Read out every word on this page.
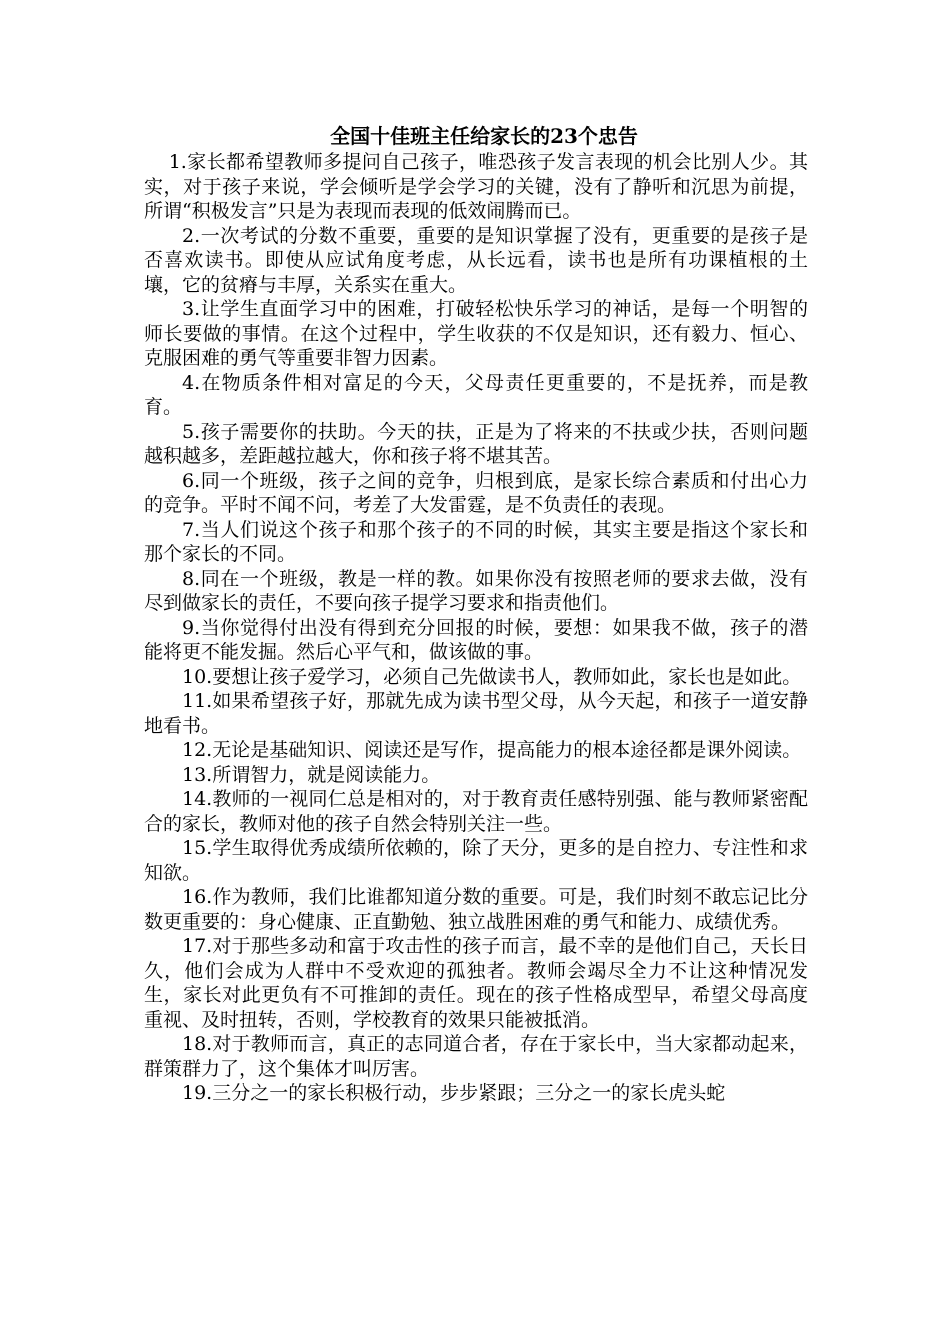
全国十佳班主任给家长的23个忠告

1.家长都希望教师多提问自己孩子，唯恐孩子发言表现的机会比别人少。其实，对于孩子来说，学会倾听是学会学习的关键，没有了静听和沉思为前提，所谓“积极发言”只是为表现而表现的低效闹腾而已。

2.一次考试的分数不重要，重要的是知识掌握了没有，更重要的是孩子是否喜欢读书。即使从应试角度考虑，从长远看，读书也是所有功课植根的土壤，它的贫瘠与丰厚，关系实在重大。

3.让学生直面学习中的困难，打破轻松快乐学习的神话，是每一个明智的师长要做的事情。在这个过程中，学生收获的不仅是知识，还有毅力、恒心、克服困难的勇气等重要非智力因素。

4.在物质条件相对富足的今天，父母责任更重要的，不是抚养，而是教育。

5.孩子需要你的扶助。今天的扶，正是为了将来的不扶或少扶，否则问题越积越多，差距越拉越大，你和孩子将不堪其苦。

6.同一个班级，孩子之间的竞争，归根到底，是家长综合素质和付出心力的竞争。平时不闻不问，考差了大发雷霆，是不负责任的表现。

7.当人们说这个孩子和那个孩子的不同的时候，其实主要是指这个家长和那个家长的不同。

8.同在一个班级，教是一样的教。如果你没有按照老师的要求去做，没有尽到做家长的责任，不要向孩子提学习要求和指责他们。

9.当你觉得付出没有得到充分回报的时候，要想：如果我不做，孩子的潜能将更不能发掘。然后心平气和，做该做的事。

10.要想让孩子爱学习，必须自己先做读书人，教师如此，家长也是如此。

11.如果希望孩子好，那就先成为读书型父母，从今天起，和孩子一道安静地看书。

12.无论是基础知识、阅读还是写作，提高能力的根本途径都是课外阅读。

13.所谓智力，就是阅读能力。

14.教师的一视同仁总是相对的，对于教育责任感特别强、能与教师紧密配合的家长，教师对他的孩子自然会特别关注一些。

15.学生取得优秀成绩所依赖的，除了天分，更多的是自控力、专注性和求知欲。

16.作为教师，我们比谁都知道分数的重要。可是，我们时刻不敢忘记比分数更重要的：身心健康、正直勤勉、独立战胜困难的勇气和能力、成绩优秀。

17.对于那些多动和富于攻击性的孩子而言，最不幸的是他们自己，天长日久，他们会成为人群中不受欢迎的孤独者。教师会竭尽全力不让这种情况发生，家长对此更负有不可推卸的责任。现在的孩子性格成型早，希望父母高度重视、及时扭转，否则，学校教育的效果只能被抵消。

18.对于教师而言，真正的志同道合者，存在于家长中，当大家都动起来，群策群力了，这个集体才叫厉害。

19.三分之一的家长积极行动，步步紧跟；三分之一的家长虎头蛇
